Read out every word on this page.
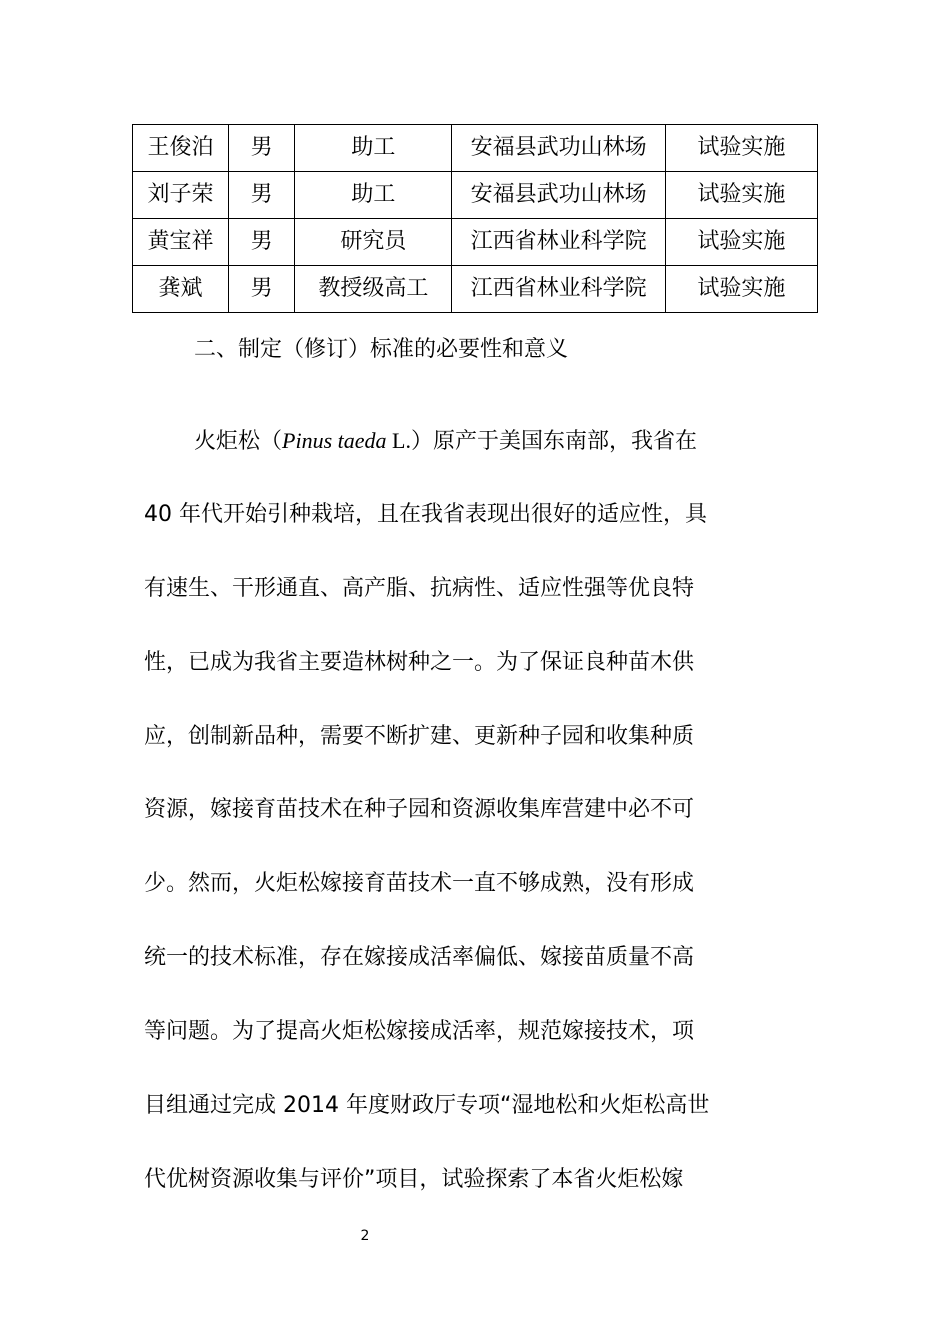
王俊泊	男	助工	安福县武功山林场	试验实施
刘子荣	男	助工	安福县武功山林场	试验实施
黄宝祥	男	研究员	江西省林业科学院	试验实施
龚斌	男	教授级高工	江西省林业科学院	试验实施
二、制定（修订）标准的必要性和意义
火炬松（Pinus taeda L.）原产于美国东南部，我省在
40 年代开始引种栽培，且在我省表现出很好的适应性，具
有速生、干形通直、高产脂、抗病性、适应性强等优良特
性，已成为我省主要造林树种之一。为了保证良种苗木供
应，创制新品种，需要不断扩建、更新种子园和收集种质
资源，嫁接育苗技术在种子园和资源收集库营建中必不可
少。然而，火炬松嫁接育苗技术一直不够成熟，没有形成
统一的技术标准，存在嫁接成活率偏低、嫁接苗质量不高
等问题。为了提高火炬松嫁接成活率，规范嫁接技术，项
目组通过完成 2014 年度财政厅专项“湿地松和火炬松高世
代优树资源收集与评价”项目，试验探索了本省火炬松嫁
2
